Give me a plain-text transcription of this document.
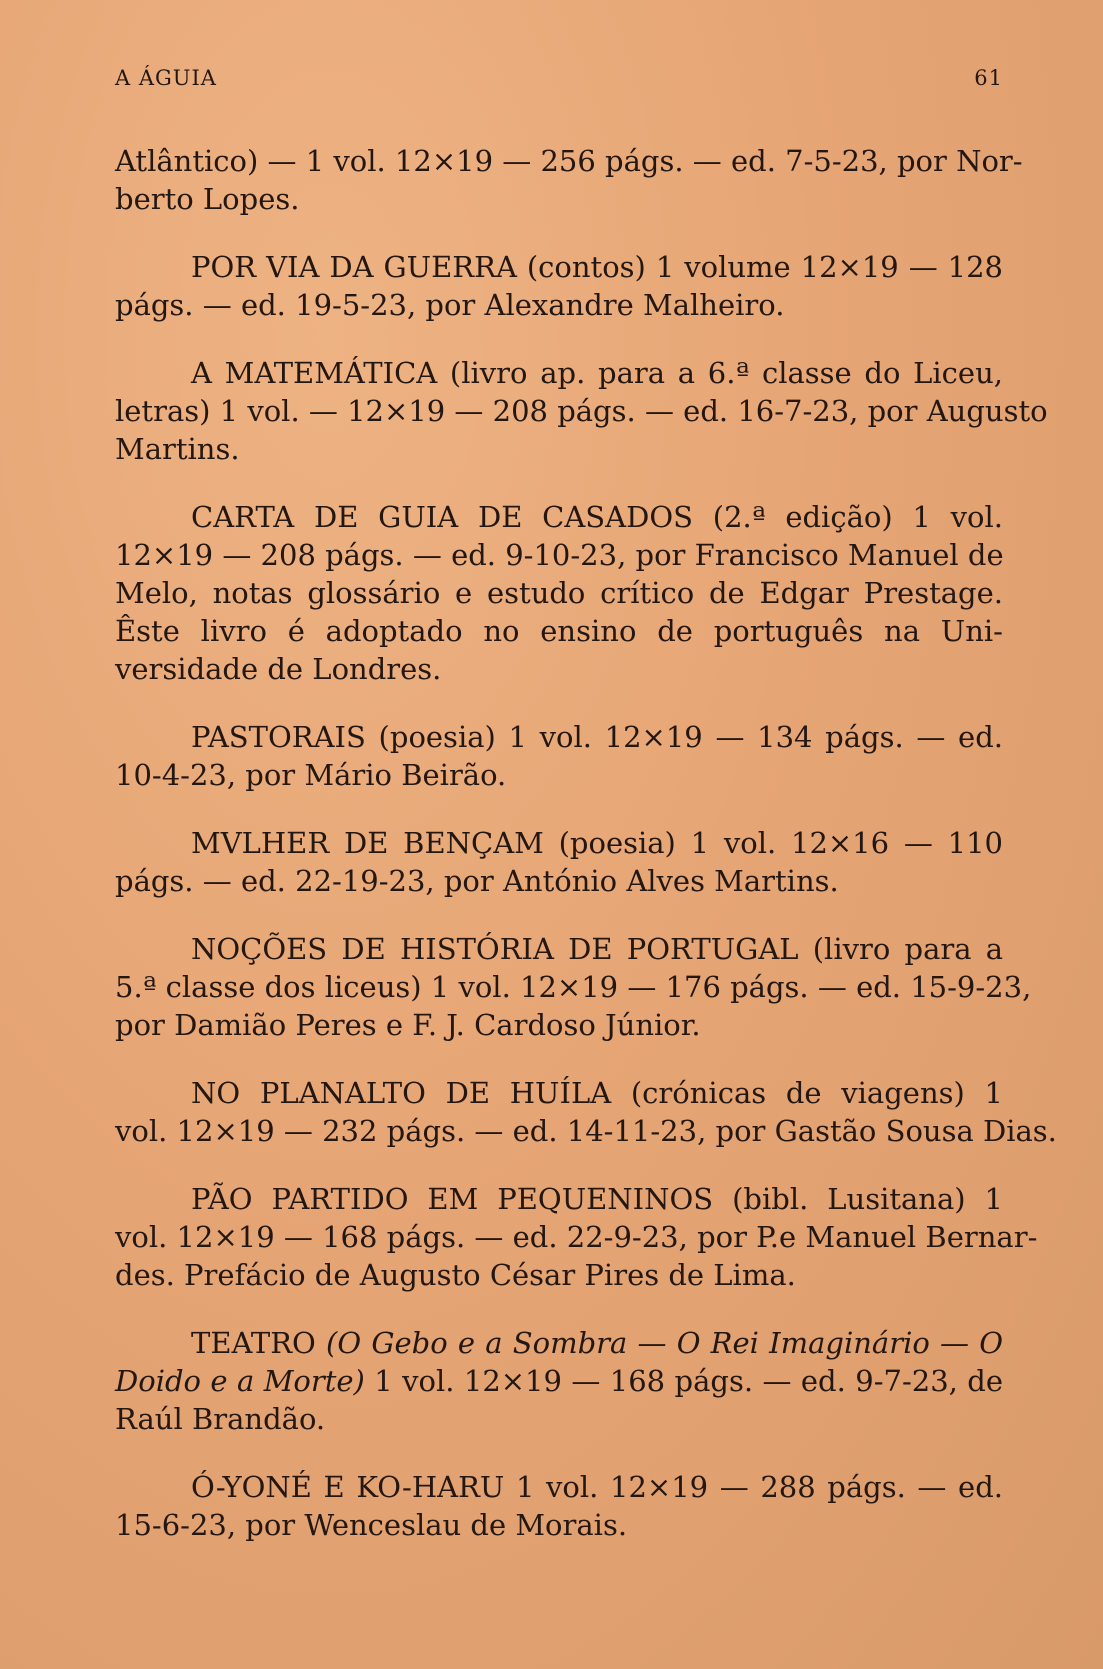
A ÁGUIA	61

Atlântico) — 1 vol. 12×19 — 256 págs. — ed. 7-5-23, por Nor-
berto Lopes.

POR VIA DA GUERRA (contos) 1 volume 12×19 — 128
págs. — ed. 19-5-23, por Alexandre Malheiro.

A MATEMÁTICA (livro ap. para a 6.ª classe do Liceu,
letras) 1 vol. — 12×19 — 208 págs. — ed. 16-7-23, por Augusto
Martins.

CARTA DE GUIA DE CASADOS (2.ª edição) 1 vol.
12×19 — 208 págs. — ed. 9-10-23, por Francisco Manuel de
Melo, notas glossário e estudo crítico de Edgar Prestage.
Êste livro é adoptado no ensino de português na Uni-
versidade de Londres.

PASTORAIS (poesia) 1 vol. 12×19 — 134 págs. — ed.
10-4-23, por Mário Beirão.

MVLHER DE BENÇAM (poesia) 1 vol. 12×16 — 110
págs. — ed. 22-19-23, por António Alves Martins.

NOÇÕES DE HISTÓRIA DE PORTUGAL (livro para a
5.ª classe dos liceus) 1 vol. 12×19 — 176 págs. — ed. 15-9-23,
por Damião Peres e F. J. Cardoso Júnior.

NO PLANALTO DE HUÍLA (crónicas de viagens) 1
vol. 12×19 — 232 págs. — ed. 14-11-23, por Gastão Sousa Dias.

PÃO PARTIDO EM PEQUENINOS (bibl. Lusitana) 1
vol. 12×19 — 168 págs. — ed. 22-9-23, por P.e Manuel Bernar-
des. Prefácio de Augusto César Pires de Lima.

TEATRO (O Gebo e a Sombra — O Rei Imaginário — O
Doido e a Morte) 1 vol. 12×19 — 168 págs. — ed. 9-7-23, de
Raúl Brandão.

Ó-YONÉ E KO-HARU 1 vol. 12×19 — 288 págs. — ed.
15-6-23, por Wenceslau de Morais.
